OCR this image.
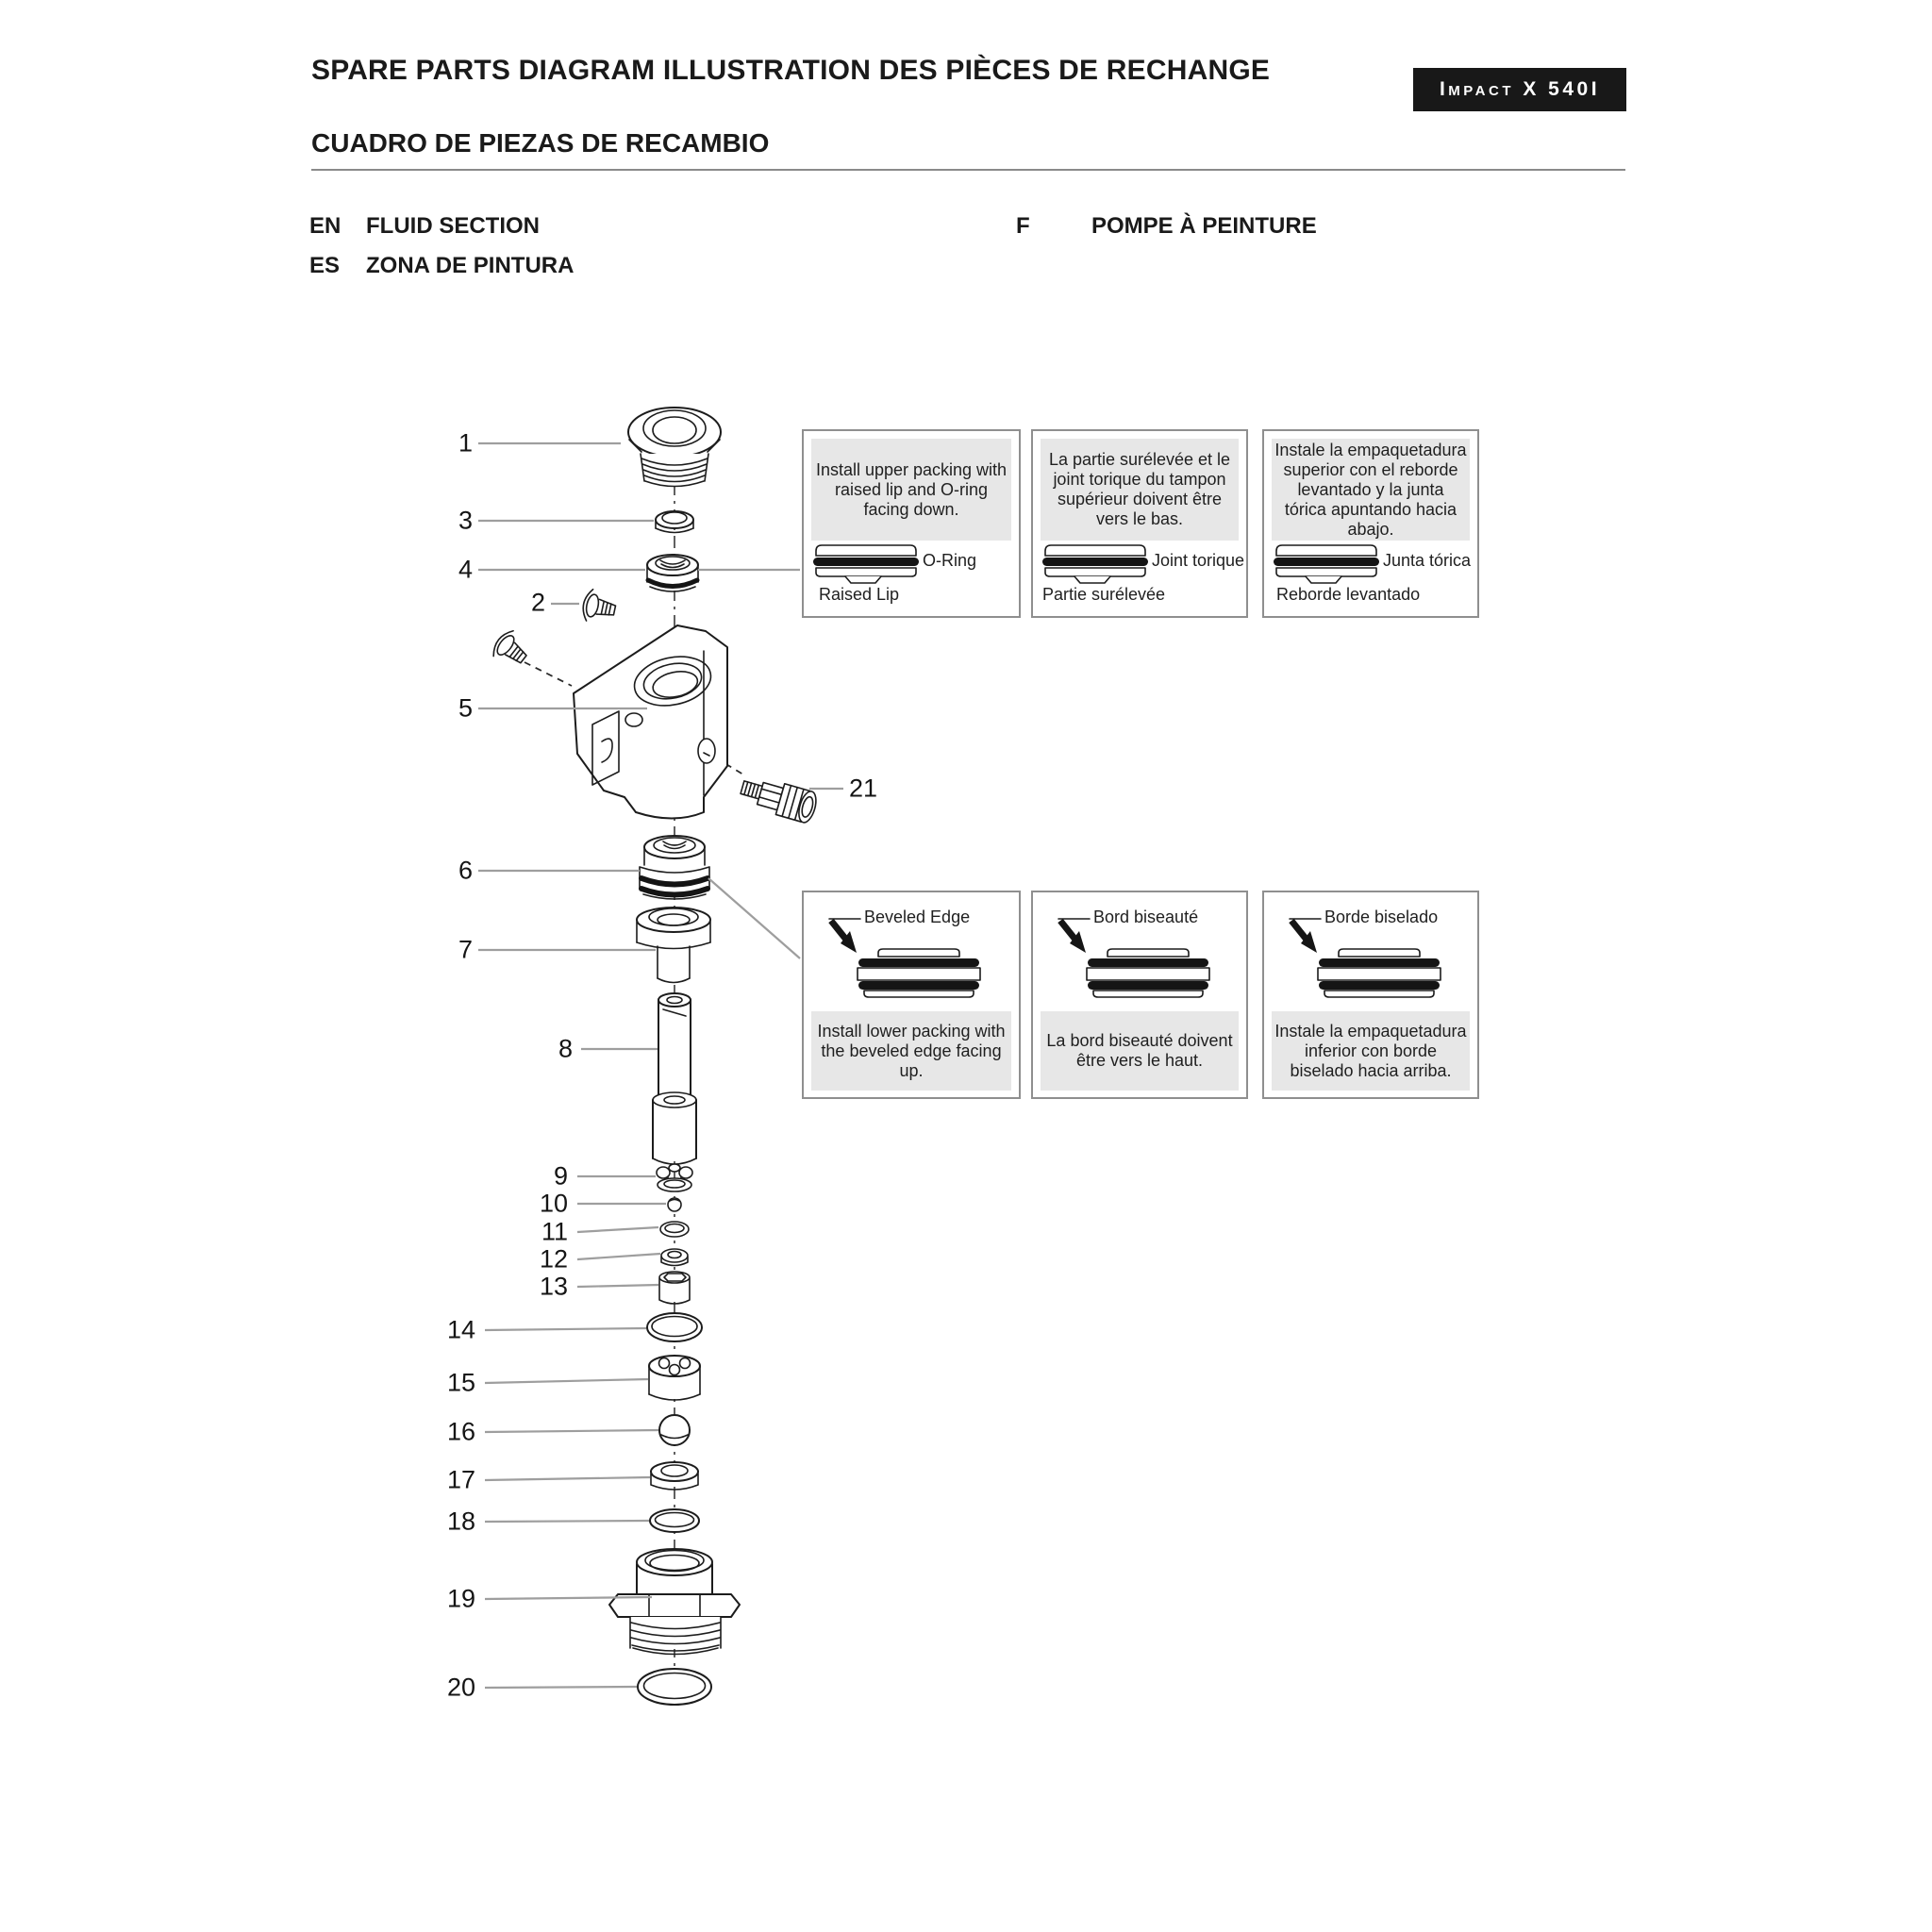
SPARE PARTS DIAGRAM ILLUSTRATION DES PIÈCES DE RECHANGE
Impact X 540I
CUADRO DE PIEZAS DE RECAMBIO
EN FLUID SECTION
ES ZONA DE PINTURA
F	POMPE À PEINTURE
1
3
4
2
5
21
6
7
8
9
10
11
12
13
14
15
16
17
18
19
20
Install upper packing with raised lip and O-ring facing down.
O-Ring
Raised Lip
La partie surélevée et le joint torique du tampon supérieur doivent être vers le bas.
Joint torique
Partie surélevée
Instale la empaquetadura superior con el reborde levantado y la junta tórica apuntando hacia abajo.
Junta tórica
Reborde levantado
Beveled Edge
Install lower packing with the beveled edge facing up.
Bord biseauté
La bord biseauté doivent être vers le haut.
Borde biselado
Instale la empaquetadura inferior con borde biselado hacia arriba.
